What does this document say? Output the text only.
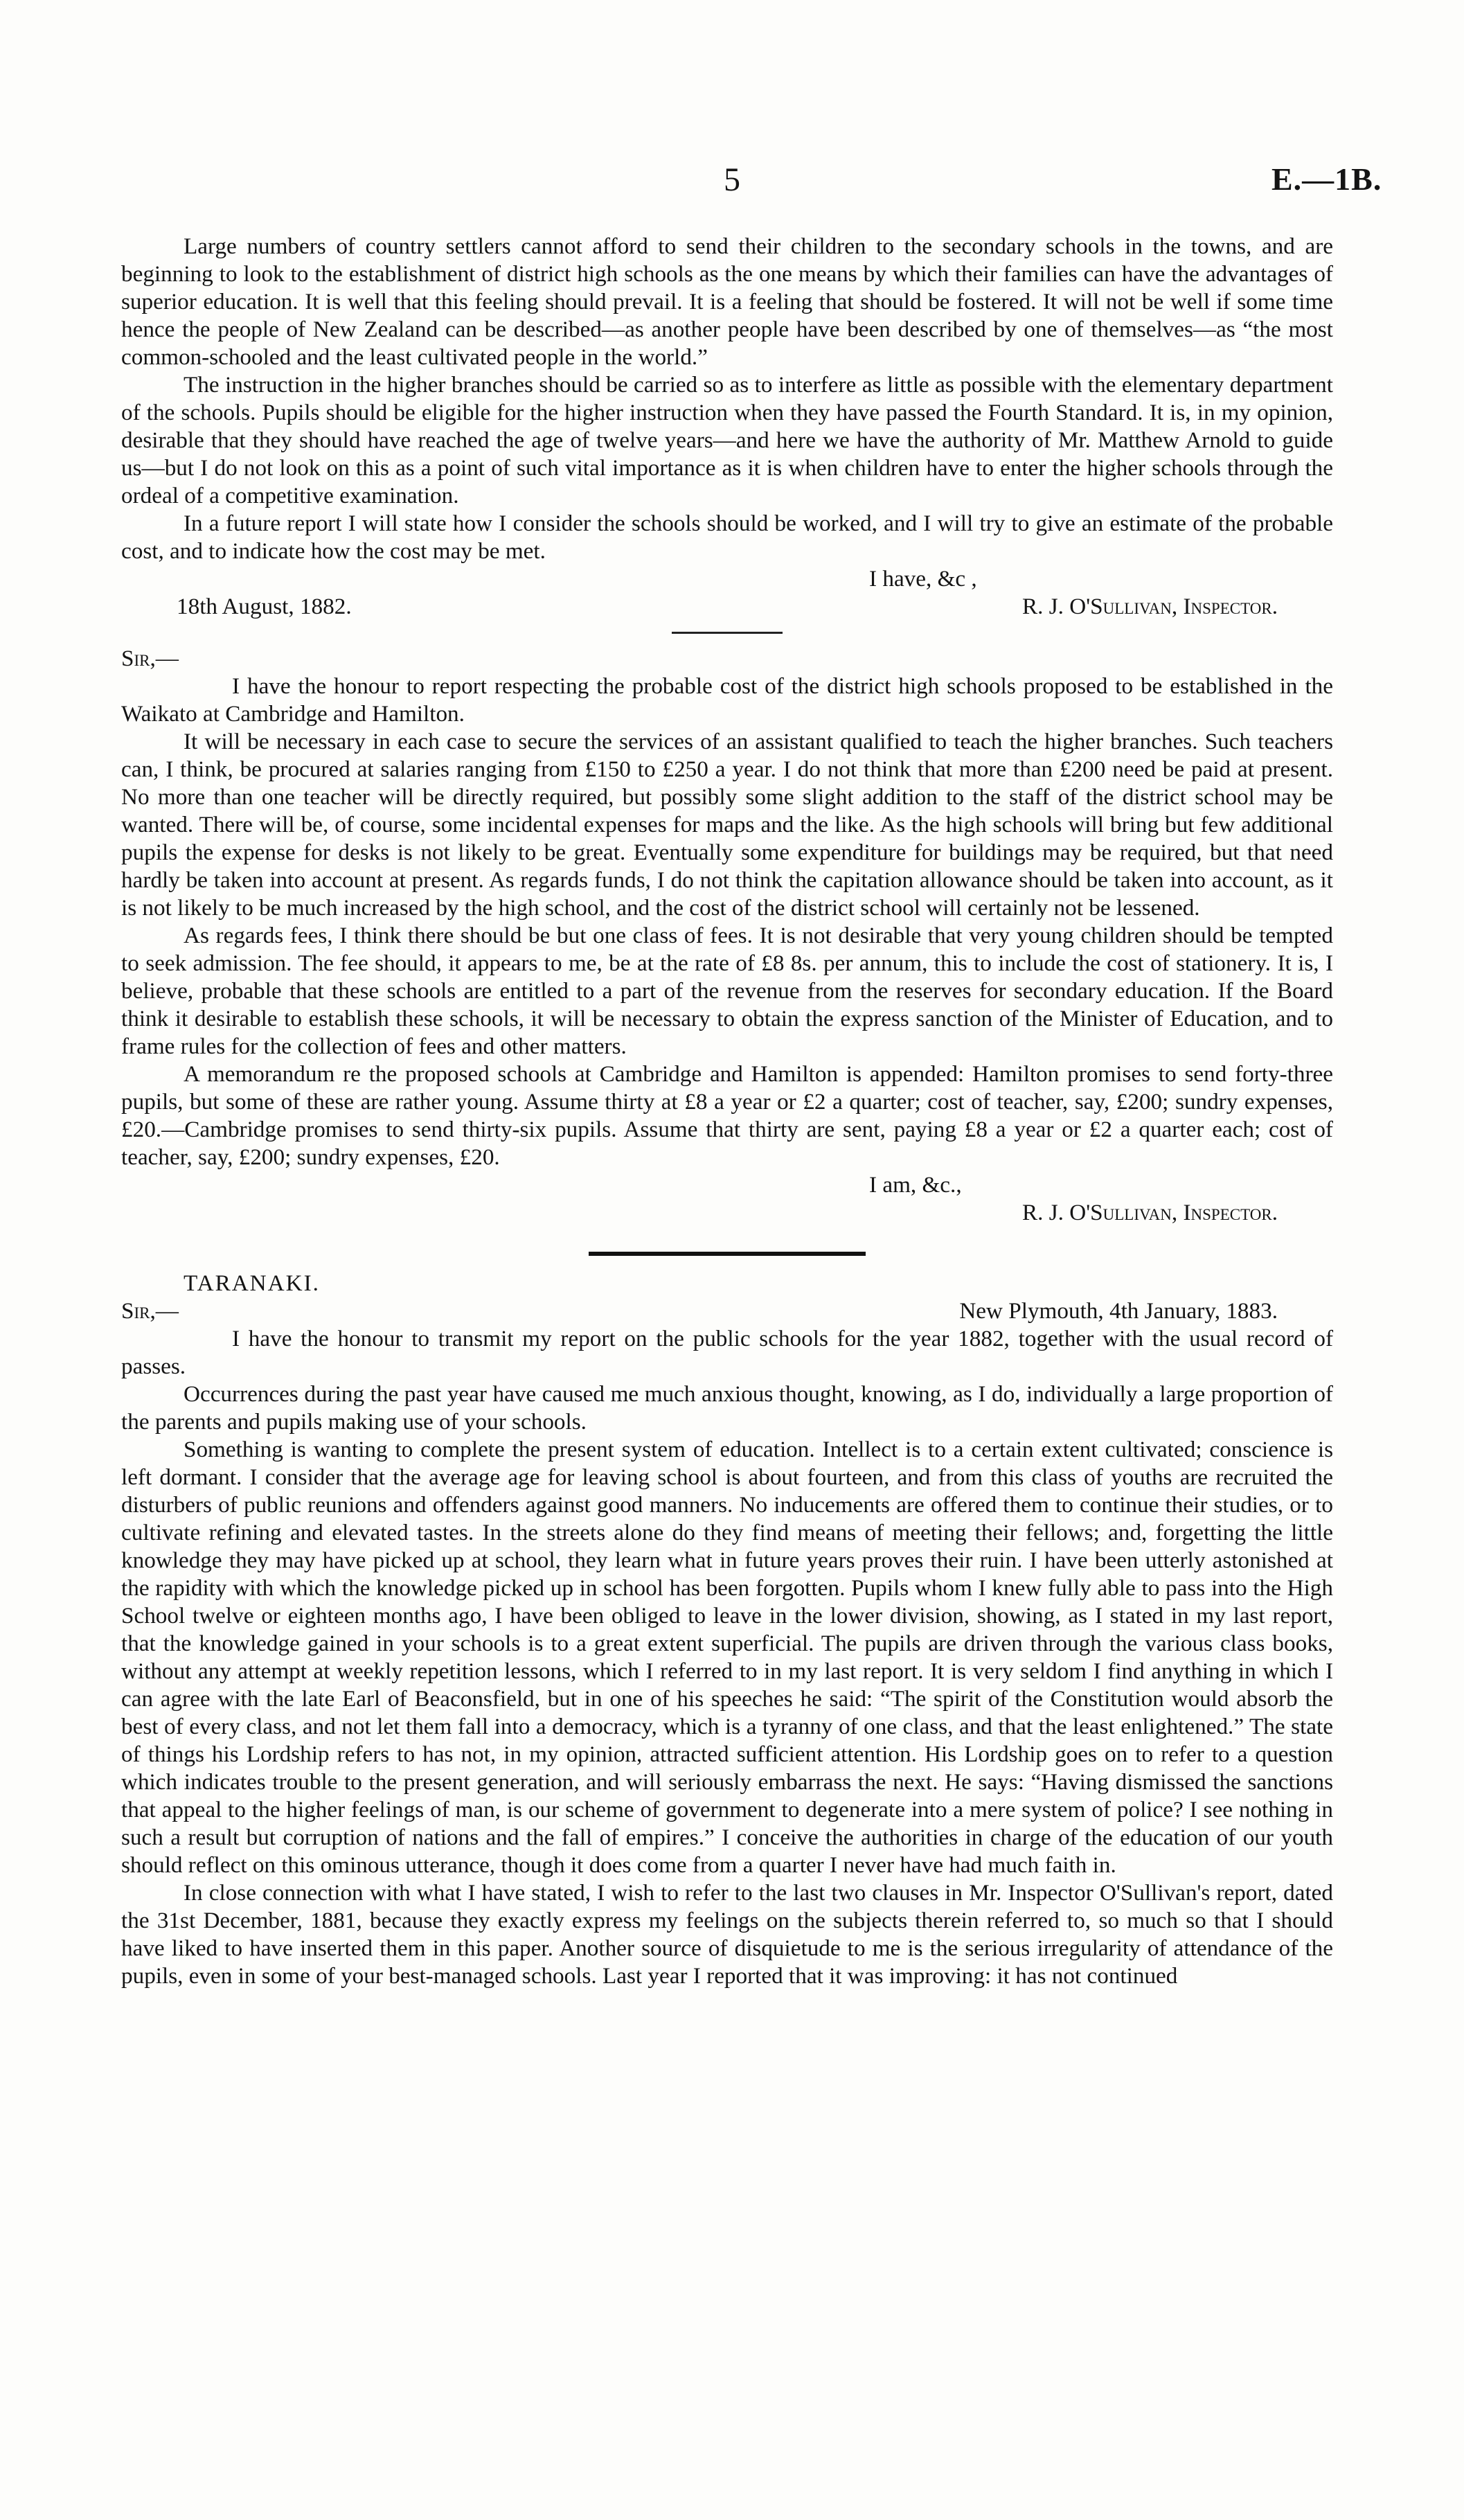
5	E.—1B.

Large numbers of country settlers cannot afford to send their children to the secondary schools in the towns, and are beginning to look to the establishment of district high schools as the one means by which their families can have the advantages of superior education. It is well that this feeling should prevail. It is a feeling that should be fostered. It will not be well if some time hence the people of New Zealand can be described—as another people have been described by one of themselves—as “the most common-schooled and the least cultivated people in the world.”

The instruction in the higher branches should be carried so as to interfere as little as possible with the elementary department of the schools. Pupils should be eligible for the higher instruction when they have passed the Fourth Standard. It is, in my opinion, desirable that they should have reached the age of twelve years—and here we have the authority of Mr. Matthew Arnold to guide us—but I do not look on this as a point of such vital importance as it is when children have to enter the higher schools through the ordeal of a competitive examination.

In a future report I will state how I consider the schools should be worked, and I will try to give an estimate of the probable cost, and to indicate how the cost may be met.

I have, &c ,
18th August, 1882.	R. J. O'Sullivan, Inspector.

Sir,—

I have the honour to report respecting the probable cost of the district high schools proposed to be established in the Waikato at Cambridge and Hamilton.

It will be necessary in each case to secure the services of an assistant qualified to teach the higher branches. Such teachers can, I think, be procured at salaries ranging from £150 to £250 a year. I do not think that more than £200 need be paid at present. No more than one teacher will be directly required, but possibly some slight addition to the staff of the district school may be wanted. There will be, of course, some incidental expenses for maps and the like. As the high schools will bring but few additional pupils the expense for desks is not likely to be great. Eventually some expenditure for buildings may be required, but that need hardly be taken into account at present. As regards funds, I do not think the capitation allowance should be taken into account, as it is not likely to be much increased by the high school, and the cost of the district school will certainly not be lessened.

As regards fees, I think there should be but one class of fees. It is not desirable that very young children should be tempted to seek admission. The fee should, it appears to me, be at the rate of £8 8s. per annum, this to include the cost of stationery. It is, I believe, probable that these schools are entitled to a part of the revenue from the reserves for secondary education. If the Board think it desirable to establish these schools, it will be necessary to obtain the express sanction of the Minister of Education, and to frame rules for the collection of fees and other matters.

A memorandum re the proposed schools at Cambridge and Hamilton is appended: Hamilton promises to send forty-three pupils, but some of these are rather young. Assume thirty at £8 a year or £2 a quarter; cost of teacher, say, £200; sundry expenses, £20.—Cambridge promises to send thirty-six pupils. Assume that thirty are sent, paying £8 a year or £2 a quarter each; cost of teacher, say, £200; sundry expenses, £20.

I am, &c.,
R. J. O'Sullivan, Inspector.

TARANAKI.

Sir,—	New Plymouth, 4th January, 1883.

I have the honour to transmit my report on the public schools for the year 1882, together with the usual record of passes.

Occurrences during the past year have caused me much anxious thought, knowing, as I do, individually a large proportion of the parents and pupils making use of your schools.

Something is wanting to complete the present system of education. Intellect is to a certain extent cultivated; conscience is left dormant. I consider that the average age for leaving school is about fourteen, and from this class of youths are recruited the disturbers of public reunions and offenders against good manners. No inducements are offered them to continue their studies, or to cultivate refining and elevated tastes. In the streets alone do they find means of meeting their fellows; and, forgetting the little knowledge they may have picked up at school, they learn what in future years proves their ruin. I have been utterly astonished at the rapidity with which the knowledge picked up in school has been forgotten. Pupils whom I knew fully able to pass into the High School twelve or eighteen months ago, I have been obliged to leave in the lower division, showing, as I stated in my last report, that the knowledge gained in your schools is to a great extent superficial. The pupils are driven through the various class books, without any attempt at weekly repetition lessons, which I referred to in my last report. It is very seldom I find anything in which I can agree with the late Earl of Beaconsfield, but in one of his speeches he said: “The spirit of the Constitution would absorb the best of every class, and not let them fall into a democracy, which is a tyranny of one class, and that the least enlightened.” The state of things his Lordship refers to has not, in my opinion, attracted sufficient attention. His Lordship goes on to refer to a question which indicates trouble to the present generation, and will seriously embarrass the next. He says: “Having dismissed the sanctions that appeal to the higher feelings of man, is our scheme of government to degenerate into a mere system of police? I see nothing in such a result but corruption of nations and the fall of empires.” I conceive the authorities in charge of the education of our youth should reflect on this ominous utterance, though it does come from a quarter I never have had much faith in.

In close connection with what I have stated, I wish to refer to the last two clauses in Mr. Inspector O'Sullivan's report, dated the 31st December, 1881, because they exactly express my feelings on the subjects therein referred to, so much so that I should have liked to have inserted them in this paper. Another source of disquietude to me is the serious irregularity of attendance of the pupils, even in some of your best-managed schools. Last year I reported that it was improving: it has not continued
